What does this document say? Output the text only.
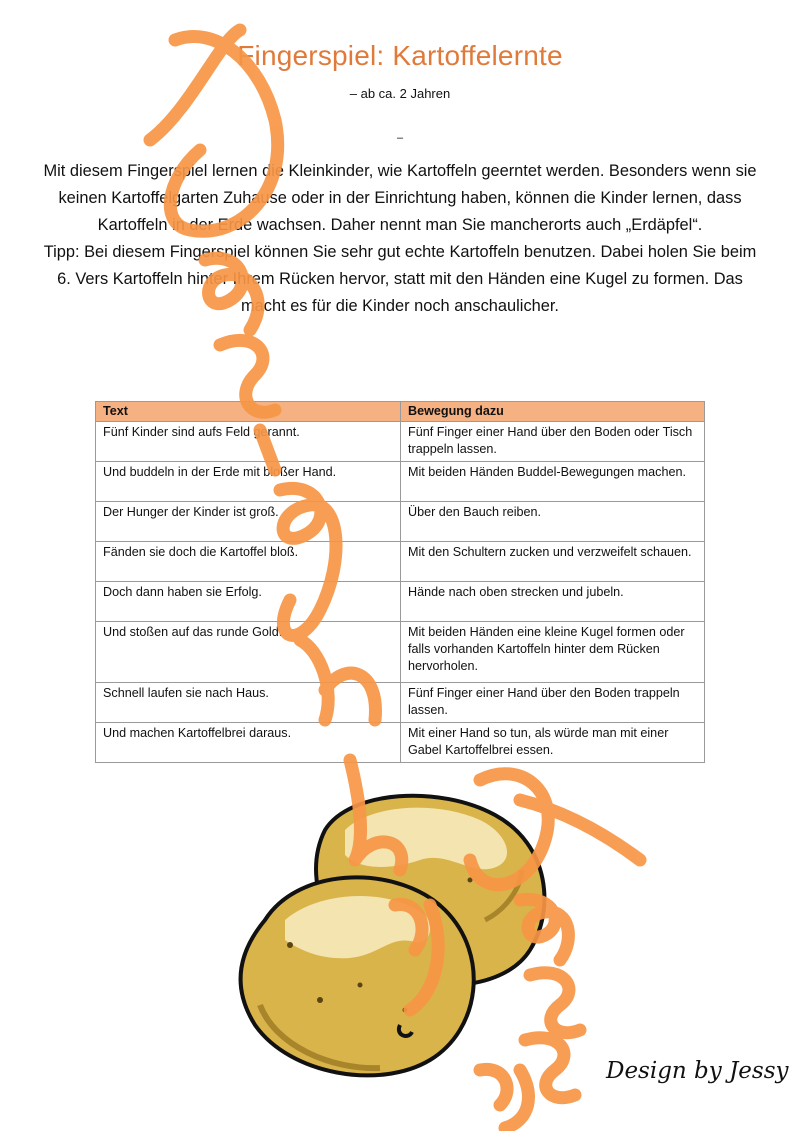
Fingerspiel: Kartoffelernte
– ab ca. 2 Jahren
–

Mit diesem Fingerspiel lernen die Kleinkinder, wie Kartoffeln geerntet werden. Besonders wenn sie keinen Kartoffelgarten Zuhause oder in der Einrichtung haben, können die Kinder lernen, dass Kartoffeln in der Erde wachsen. Daher nennt man Sie mancherorts auch „Erdäpfel“.

Tipp: Bei diesem Fingerspiel können Sie sehr gut echte Kartoffeln benutzen. Dabei holen Sie beim 6. Vers Kartoffeln hinter Ihrem Rücken hervor, statt mit den Händen eine Kugel zu formen. Das macht es für die Kinder noch anschaulicher.

Text	Bewegung dazu
Fünf Kinder sind aufs Feld gerannt.	Fünf Finger einer Hand über den Boden oder Tisch trappeln lassen.
Und buddeln in der Erde mit bloßer Hand.	Mit beiden Händen Buddel-Bewegungen machen.
Der Hunger der Kinder ist groß.	Über den Bauch reiben.
Fänden sie doch die Kartoffel bloß.	Mit den Schultern zucken und verzweifelt schauen.
Doch dann haben sie Erfolg.	Hände nach oben strecken und jubeln.
Und stoßen auf das runde Gold.	Mit beiden Händen eine kleine Kugel formen oder falls vorhanden Kartoffeln hinter dem Rücken hervorholen.
Schnell laufen sie nach Haus.	Fünf Finger einer Hand über den Boden trappeln lassen.
Und machen Kartoffelbrei daraus.	Mit einer Hand so tun, als würde man mit einer Gabel Kartoffelbrei essen.
Design by Jessy
